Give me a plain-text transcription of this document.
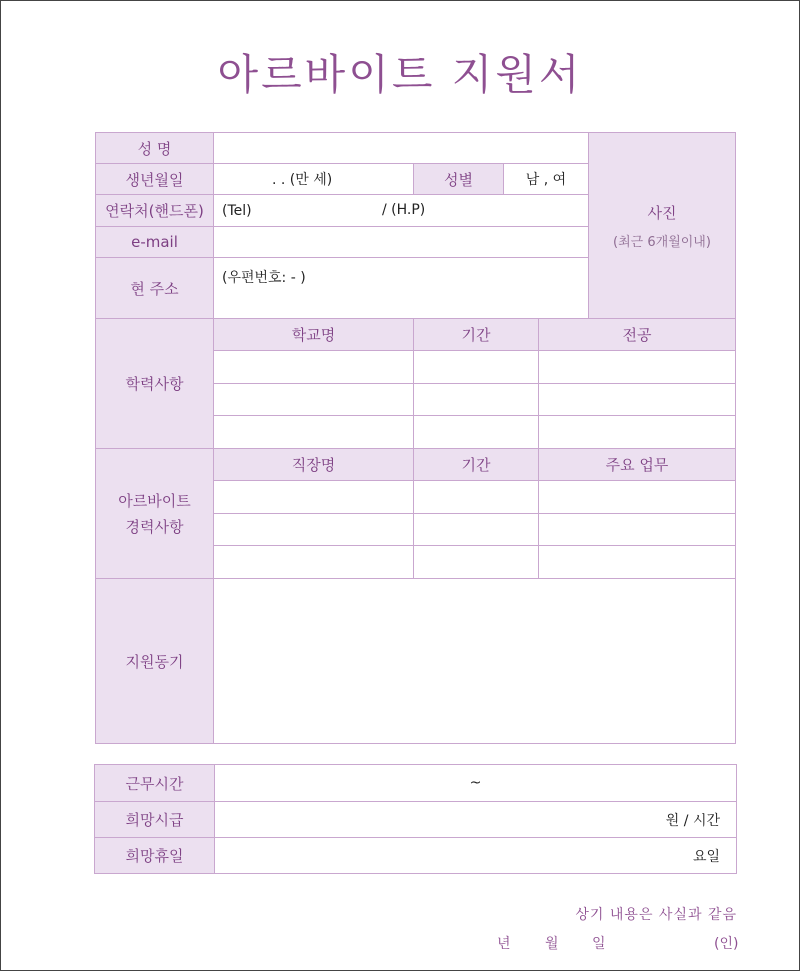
아르바이트 지원서
성 명					사진
(최근 6개월이내)

생년월일	. . (만 세)	성별	남 , 여		
연락처(핸드폰)	(Tel) / (H.P)				

e-mail					
현 주소	(우편번호: - )				
학력사항	학교명	기간		전공	

아르바이트
경력사항	직장명	기간		주요 업무	

지원동기					
근무시간	~
희망시급	원 / 시간
희망휴일	요일
상기 내용은 사실과 같음
년 월 일	(인)
